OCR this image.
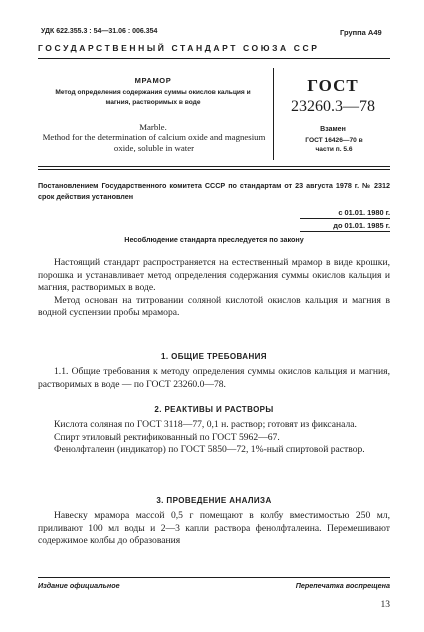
УДК 622.355.3 : 54—31.06 : 006.354	Группа А49
ГОСУДАРСТВЕННЫЙ СТАНДАРТ СОЮЗА ССР
МРАМОР
Метод определения содержания суммы окислов кальция и магния, растворимых в воде
Marble.
Method for the determination of calcium oxide and magnesium oxide, soluble in water
ГОСТ
23260.3—78
Взамен
ГОСТ 16426—70 в части п. 5.6
Постановлением Государственного комитета СССР по стандартам от 23 августа 1978 г. № 2312 срок действия установлен
с 01.01. 1980 г.
до 01.01. 1985 г.
Несоблюдение стандарта преследуется по закону

Настоящий стандарт распространяется на естественный мрамор в виде крошки, порошка и устанавливает метод определения содержания суммы окислов кальция и магния, растворимых в воде.

Метод основан на титровании соляной кислотой окислов кальция и магния в водной суспензии пробы мрамора.

1. ОБЩИЕ ТРЕБОВАНИЯ

1.1. Общие требования к методу определения суммы окислов кальция и магния, растворимых в воде — по ГОСТ 23260.0—78.

2. РЕАКТИВЫ И РАСТВОРЫ

Кислота соляная по ГОСТ 3118—77, 0,1 н. раствор; готовят из фиксанала.

Спирт этиловый ректификованный по ГОСТ 5962—67.

Фенолфталеин (индикатор) по ГОСТ 5850—72, 1%-ный спиртовой раствор.

3. ПРОВЕДЕНИЕ АНАЛИЗА

Навеску мрамора массой 0,5 г помещают в колбу вместимостью 250 мл, приливают 100 мл воды и 2—3 капли раствора фенолфталеина. Перемешивают содержимое колбы до образования

Издание официальное	Перепечатка воспрещена
13
